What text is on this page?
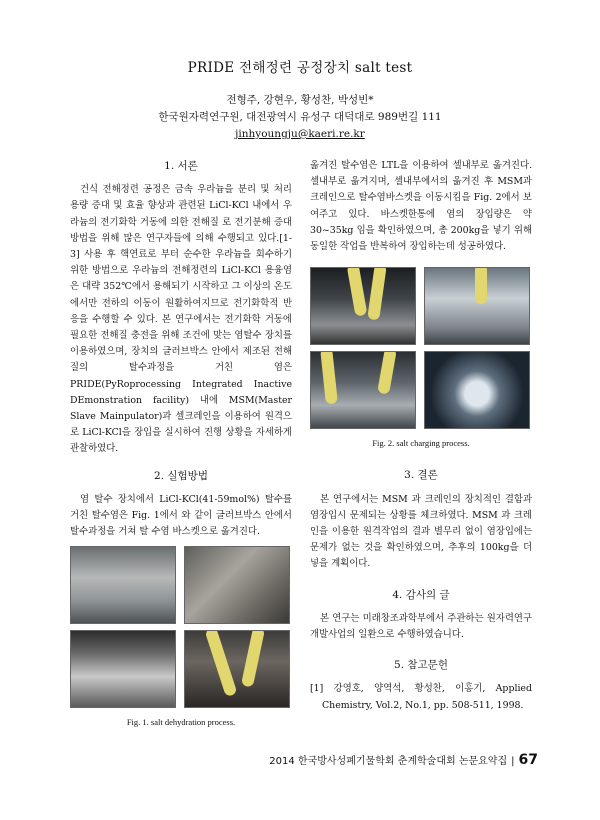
PRIDE 전해정련 공정장치 salt test
전형주, 강현우, 황성찬, 박성빈*
한국원자력연구원, 대전광역시 유성구 대덕대로 989번길 111
jinhyoungju@kaeri.re.kr
1. 서론

건식 전해정련 공정은 금속 우라늄을 분리 및 처리 용량 증대 및 효율 향상과 관련된 LiCl-KCl 내에서 우라늄의 전기화학 거동에 의한 전해질 로 전기분해 증대방법을 위해 많은 연구자들에 의해 수행되고 있다.[1-3] 사용 후 핵연료로 부터 순수한 우라늄을 회수하기 위한 방법으로 우라늄의 전해정련의 LiCl-KCl 용융염은 대략 352℃에서 용해되기 시작하고 그 이상의 온도에서만 전하의 이동이 원활하여지므로 전기화학적 반응을 수행할 수 있다. 본 연구에서는 전기화학 거동에 필요한 전해질 충전을 위해 조건에 맞는 염탈수 장치를 이용하였으며, 장치의 글러브박스 안에서 제조된 전해질의 탈수과정을 거친 염은 PRIDE(PyRoprocessing Integrated Inactive DEmonstration facility) 내에 MSM(Master Slave Mainpulator)과 셀크레인을 이용하여 원격으로 LiCl-KCl을 장입을 실시하여 진행 상황을 자세하게 관찰하였다.

2. 실험방법

염 탈수 장치에서 LiCl-KCl(41-59mol%) 탈수를 거친 탈수염은 Fig. 1에서 와 같이 글러브박스 안에서 탈수과정을 거쳐 탈 수염 바스켓으로 옮겨진다.

Fig. 1. salt dehydration process.

옮겨진 탈수염은 LTL을 이용하여 셀내부로 옮겨진다. 셀내부로 옮겨지며, 셀내부에서의 옮겨진 후 MSM과 크레인으로 탈수염바스켓을 이동시킴을 Fig. 2에서 보여주고 있다. 바스켓한통에 염의 장입량은 약 30~35kg 임을 확인하였으며, 총 200kg을 넣기 위해 동일한 작업을 반복하여 장입하는데 성공하였다.

Fig. 2. salt charging process.
3. 결론

본 연구에서는 MSM 과 크레인의 장치적인 결함과 염장입시 문제되는 상황를 체크하였다. MSM 과 크레인을 이용한 원격작업의 결과 별무리 없이 염장입에는 문제가 없는 것을 확인하였으며, 추후의 100kg을 더 넣을 계획이다.

4. 감사의 글

본 연구는 미래창조과학부에서 주관하는 원자력연구개발사업의 일환으로 수행하였습니다.

5. 참고문헌
[1] 강영호, 양역석, 황성찬, 이홍기, Applied Chemistry, Vol.2, No.1, pp. 508-511, 1998.
2014 한국방사성폐기물학회 춘계학술대회 논문요약집 | 67
